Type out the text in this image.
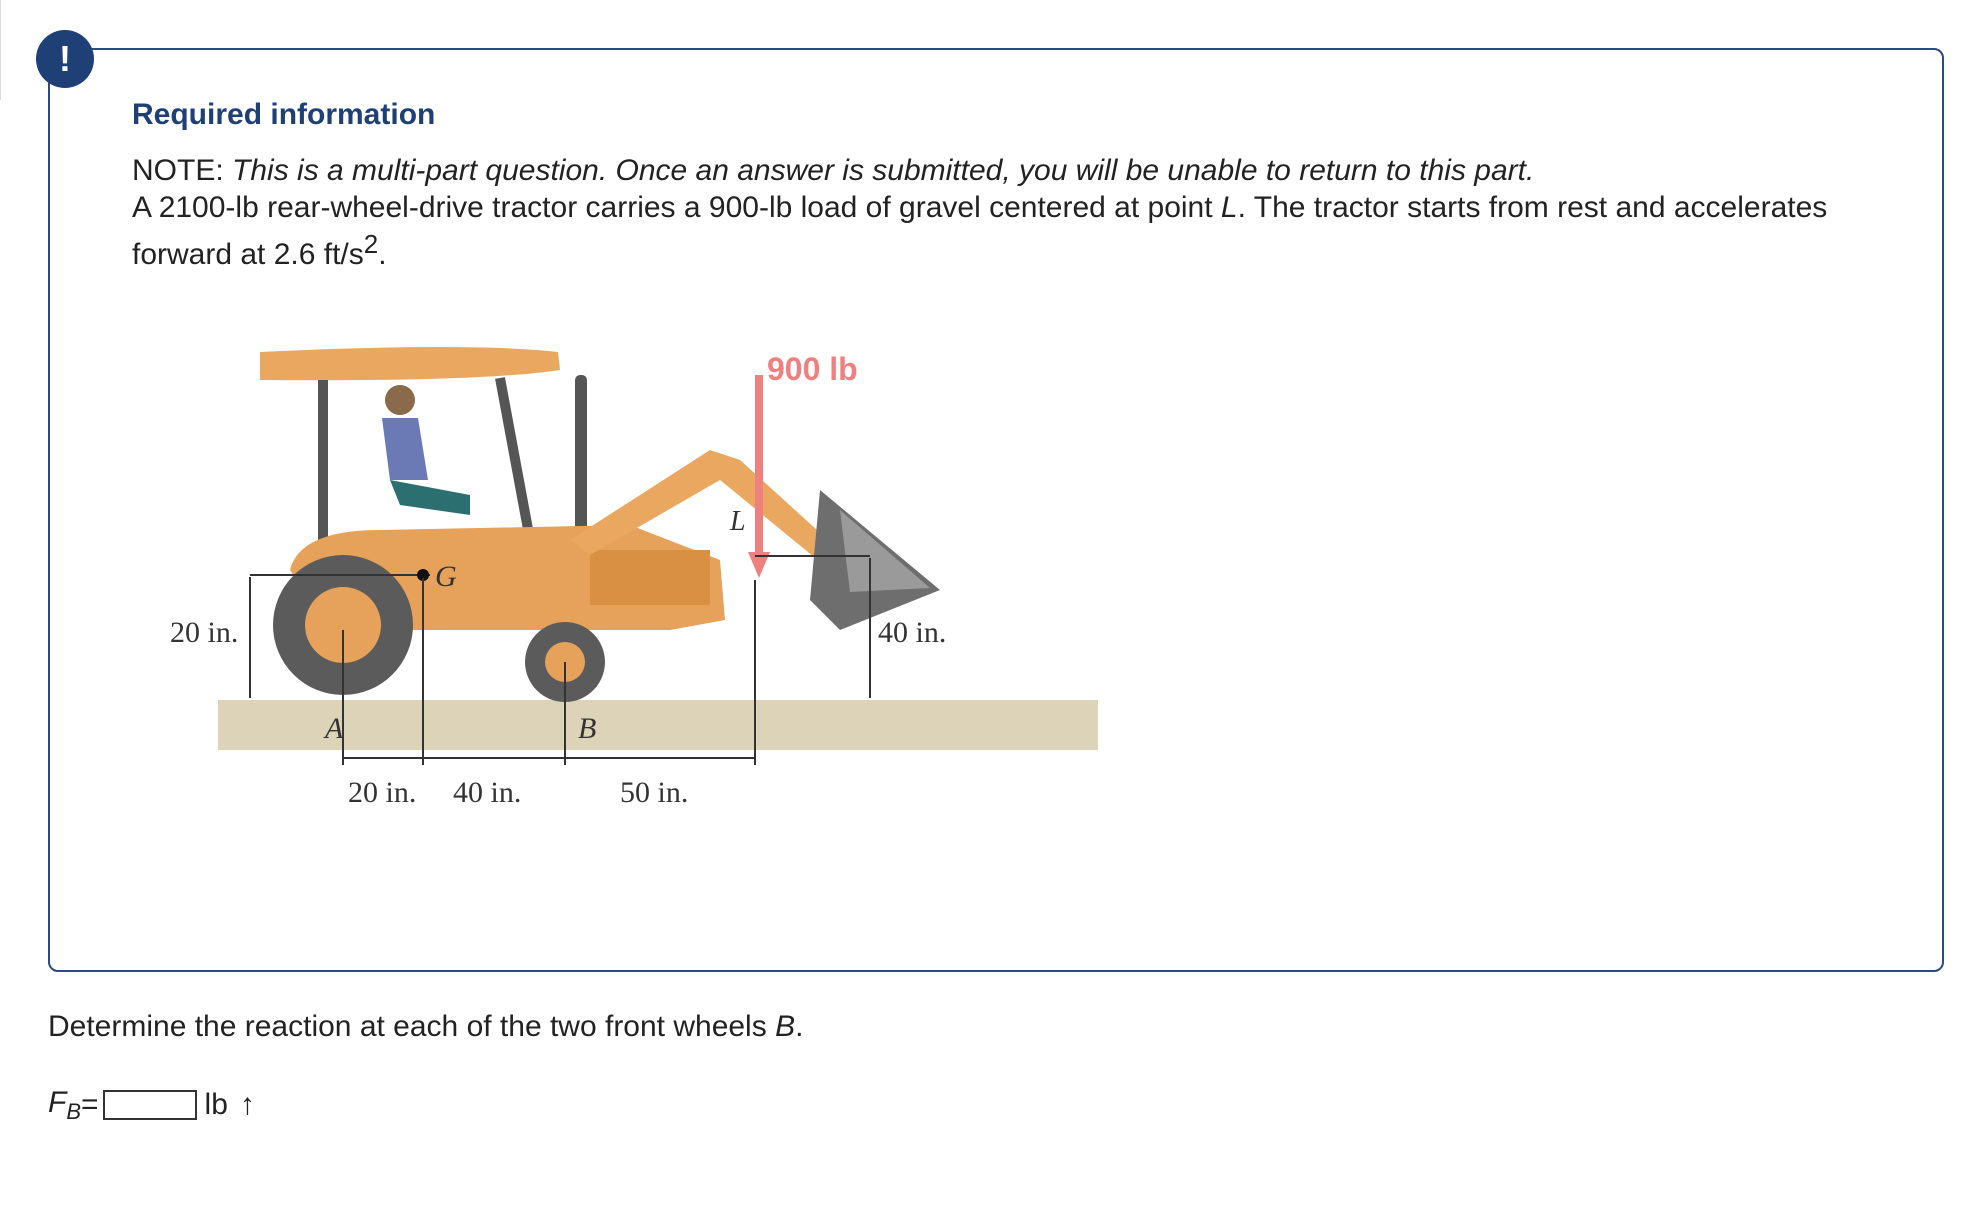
!
Required information
NOTE: This is a multi-part question. Once an answer is submitted, you will be unable to return to this part.
A 2100-lb rear-wheel-drive tractor carries a 900-lb load of gravel centered at point L. The tractor starts from rest and accelerates forward at 2.6 $ft/s^2$.
G
900 lb
L
20 in.	40 in.
A	B
20 in. 40 in.	50 in.
Determine the reaction at each of the two front wheels B.
$F_B$ =	lb ↑
